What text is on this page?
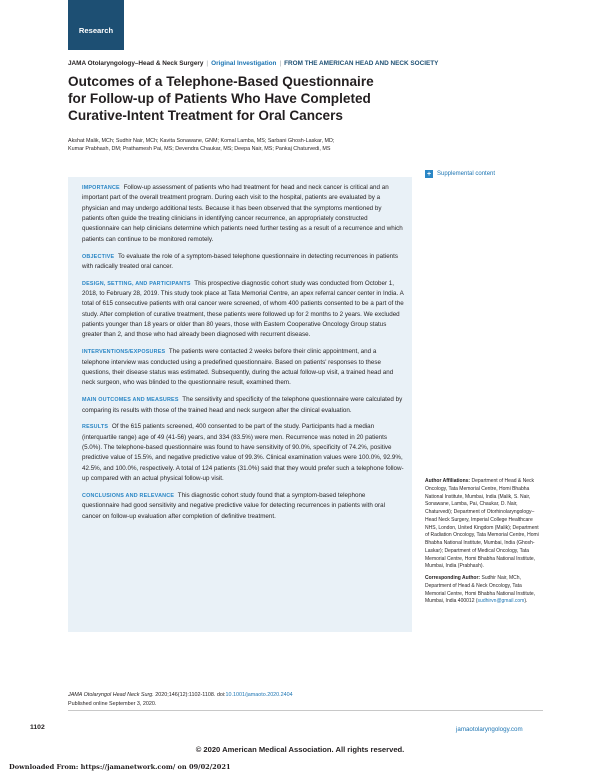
Research
JAMA Otolaryngology–Head & Neck Surgery | Original Investigation | FROM THE AMERICAN HEAD AND NECK SOCIETY
Outcomes of a Telephone-Based Questionnaire
for Follow-up of Patients Who Have Completed
Curative-Intent Treatment for Oral Cancers
Akshat Malik, MCh; Sudhir Nair, MCh; Kavita Sonawane, GNM; Komal Lamba, MS; Sarbani Ghosh-Laskar, MD;
Kumar Prabhash, DM; Prathamesh Pai, MS; Devendra Chaukar, MS; Deepa Nair, MS; Pankaj Chaturvedi, MS
+ Supplemental content

IMPORTANCE Follow-up assessment of patients who had treatment for head and neck cancer is critical and an important part of the overall treatment program. During each visit to the hospital, patients are evaluated by a physician and may undergo additional tests. Because it has been observed that the symptoms mentioned by patients often guide the treating clinicians in identifying cancer recurrence, an appropriately constructed questionnaire can help clinicians determine which patients need further testing as a result of a recurrence and which patients can continue to be monitored remotely.

OBJECTIVE To evaluate the role of a symptom-based telephone questionnaire in detecting recurrences in patients with radically treated oral cancer.

DESIGN, SETTING, AND PARTICIPANTS This prospective diagnostic cohort study was conducted from October 1, 2018, to February 28, 2019. This study took place at Tata Memorial Centre, an apex referral cancer center in India. A total of 615 consecutive patients with oral cancer were screened, of whom 400 patients consented to be a part of the study. After completion of curative treatment, these patients were followed up for 2 months to 2 years. We excluded patients younger than 18 years or older than 80 years, those with Eastern Cooperative Oncology Group status greater than 2, and those who had already been diagnosed with recurrent disease.

INTERVENTIONS/EXPOSURES The patients were contacted 2 weeks before their clinic appointment, and a telephone interview was conducted using a predefined questionnaire. Based on patients' responses to these questions, their disease status was estimated. Subsequently, during the actual follow-up visit, a trained head and neck surgeon, who was blinded to the questionnaire result, examined them.

MAIN OUTCOMES AND MEASURES The sensitivity and specificity of the telephone questionnaire were calculated by comparing its results with those of the trained head and neck surgeon after the clinical evaluation.

RESULTS Of the 615 patients screened, 400 consented to be part of the study. Participants had a median (interquartile range) age of 49 (41-56) years, and 334 (83.5%) were men. Recurrence was noted in 20 patients (5.0%). The telephone-based questionnaire was found to have sensitivity of 90.0%, specificity of 74.2%, positive predictive value of 15.5%, and negative predictive value of 99.3%. Clinical examination values were 100.0%, 92.9%, 42.5%, and 100.0%, respectively. A total of 124 patients (31.0%) said that they would prefer such a telephone follow-up compared with an actual physical follow-up visit.

CONCLUSIONS AND RELEVANCE This diagnostic cohort study found that a symptom-based telephone questionnaire had good sensitivity and negative predictive value for detecting recurrences in patients with oral cancer on follow-up evaluation after completion of definitive treatment.

Author Affiliations: Department of Head & Neck Oncology, Tata Memorial Centre, Homi Bhabha National Institute, Mumbai, India (Malik, S. Nair, Sonawane, Lamba, Pai, Chaukar, D. Nair, Chaturvedi); Department of Otorhinolaryngology–Head Neck Surgery, Imperial College Healthcare NHS, London, United Kingdom (Malik); Department of Radiation Oncology, Tata Memorial Centre, Homi Bhabha National Institute, Mumbai, India (Ghosh-Laskar); Department of Medical Oncology, Tata Memorial Centre, Homi Bhabha National Institute, Mumbai, India (Prabhash).
Corresponding Author: Sudhir Nair, MCh, Department of Head & Neck Oncology, Tata Memorial Centre, Homi Bhabha National Institute, Mumbai, India 400012 (sudhirvn@gmail.com).
JAMA Otolaryngol Head Neck Surg. 2020;146(12):1102-1108. doi:10.1001/jamaoto.2020.2404
Published online September 3, 2020.
1102	jamaotolaryngology.com
© 2020 American Medical Association. All rights reserved.
Downloaded From: https://jamanetwork.com/ on 09/02/2021
